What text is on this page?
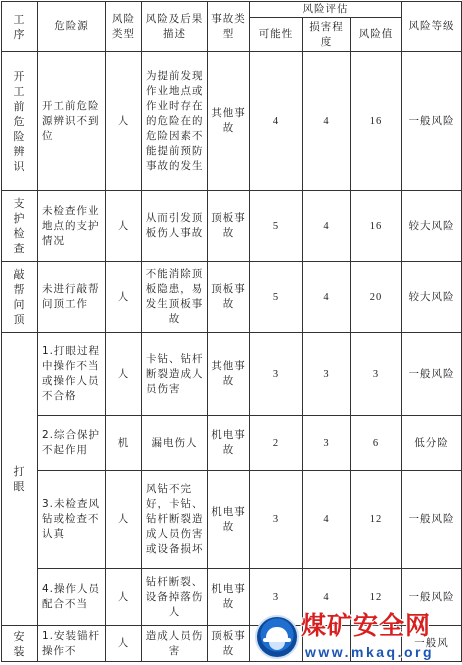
工序	危险源	风险类型	风险及后果描述	事故类型	风险评估			风险等级
					可能性	损害程度	风险值	

开工前危险辨识	开工前危险源辨识不到位	人	为提前发现作业地点或作业时存在的危险在的危险因素不能提前预防事故的发生	其他事故	4	4	16	一般风险

支护检查	未检查作业地点的支护情况	人	从而引发顶板伤人事故	顶板事故	5	4	16	较大风险

敲帮问顶	未进行敲帮问顶工作	人	不能消除顶板隐患，易发生顶板事故	顶板事故	5	4	20	较大风险

打眼	1.打眼过程中操作不当或操作人员不合格	人	卡钻、钻杆断裂造成人员伤害	其他事故	3	3	3	一般风险
	2.综合保护不起作用	机	漏电伤人	机电事故	2	3	6	低分险
	3.未检查风钻或检查不认真	人	风钻不完好，卡钻、钻杆断裂造成人员伤害或设备损坏	机电事故	3	4	12	一般风险
	4.操作人员配合不当	人	钻杆断裂、设备掉落伤人	机电事故	3	4	12	一般风险

安装	1.安装锚杆操作不	人	造成人员伤害	顶板事故				一般风
煤矿安全网
www.mkaq.org
